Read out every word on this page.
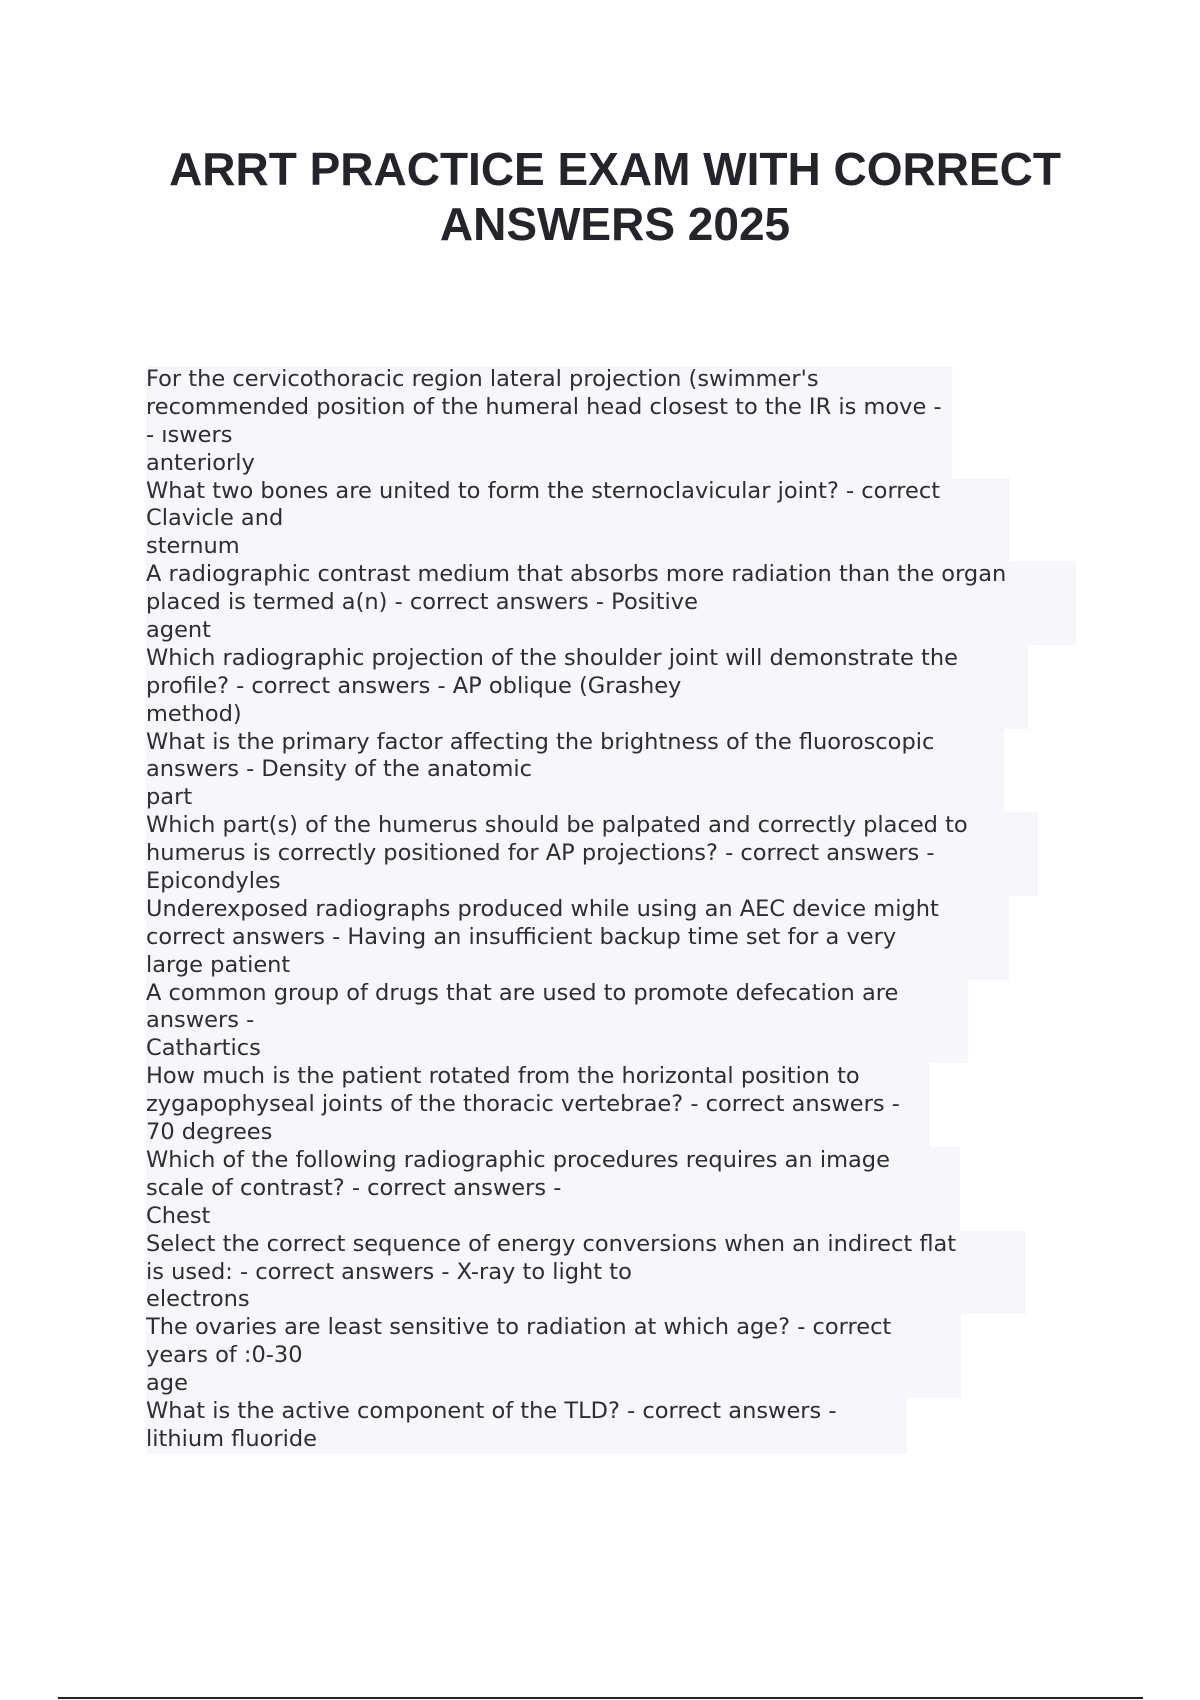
ARRT PRACTICE EXAM WITH CORRECT
ANSWERS 2025
For the cervicothoracic region lateral projection (swimmer's
recommended position of the humeral head closest to the IR is move -
- ıswers
anteriorly
What two bones are united to form the sternoclavicular joint? - correct
Clavicle and
sternum
A radiographic contrast medium that absorbs more radiation than the organ
placed is termed a(n) - correct answers - Positive
agent
Which radiographic projection of the shoulder joint will demonstrate the
profile? - correct answers - AP oblique (Grashey
method)
What is the primary factor affecting the brightness of the fluoroscopic
answers - Density of the anatomic
part
Which part(s) of the humerus should be palpated and correctly placed to
humerus is correctly positioned for AP projections? - correct answers -
Epicondyles
Underexposed radiographs produced while using an AEC device might
correct answers - Having an insufficient backup time set for a very
large patient
A common group of drugs that are used to promote defecation are
answers -
Cathartics
How much is the patient rotated from the horizontal position to
zygapophyseal joints of the thoracic vertebrae? - correct answers -
70 degrees
Which of the following radiographic procedures requires an image
scale of contrast? - correct answers -
Chest
Select the correct sequence of energy conversions when an indirect flat
is used: - correct answers - X-ray to light to
electrons
The ovaries are least sensitive to radiation at which age? - correct
years of :0-30
age
What is the active component of the TLD? - correct answers -
lithium fluoride
